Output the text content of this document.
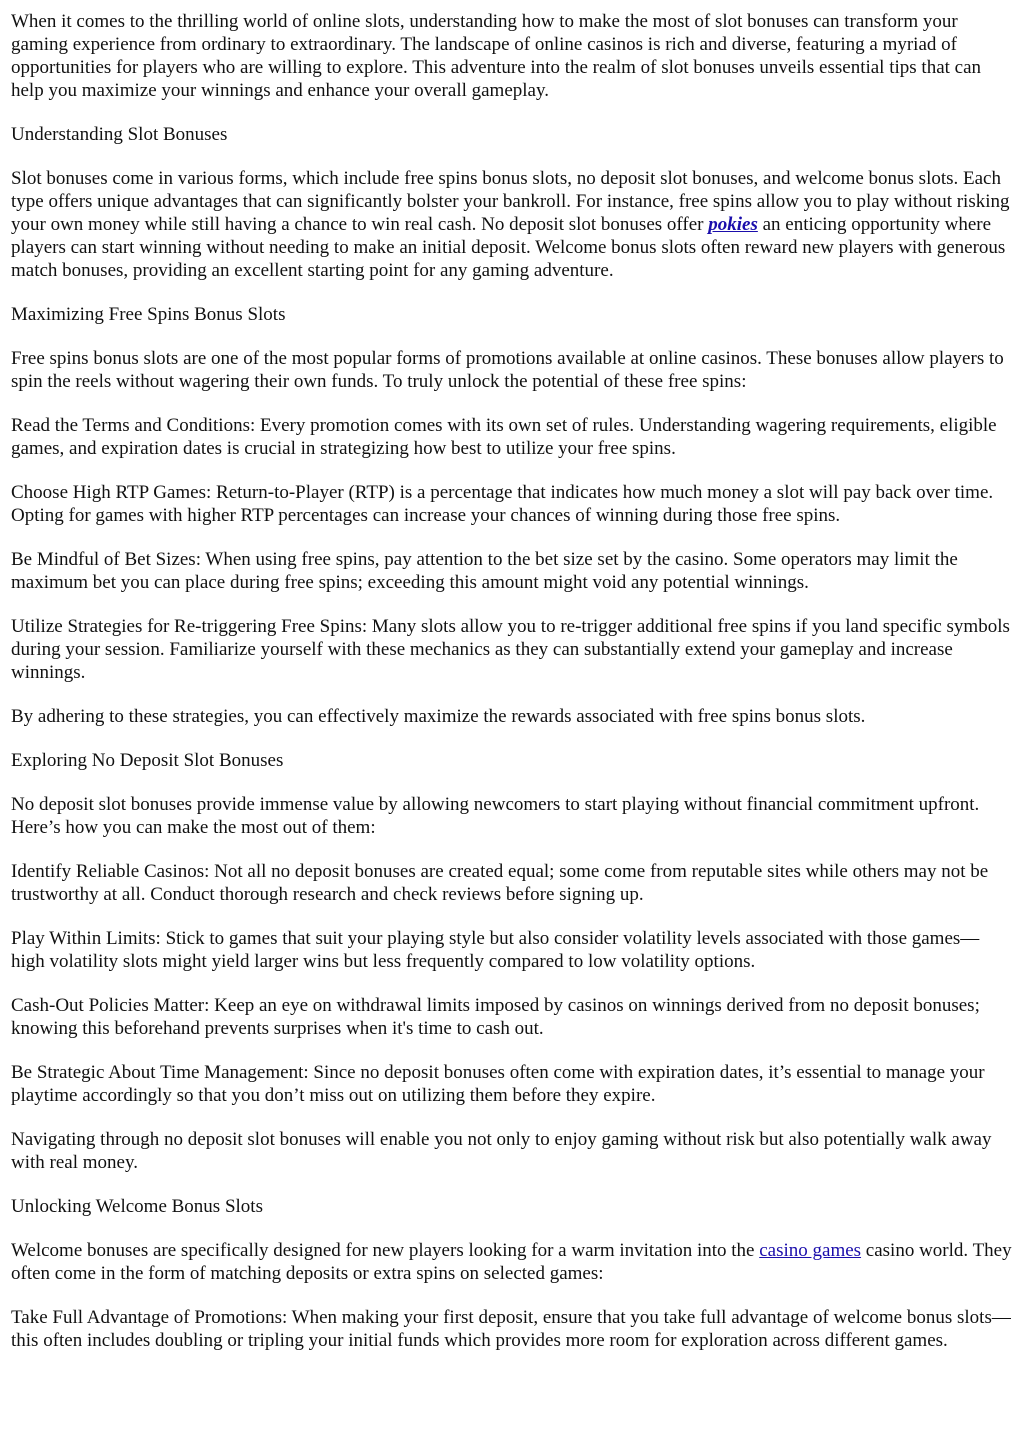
When it comes to the thrilling world of online slots, understanding how to make the most of slot bonuses can transform your gaming experience from ordinary to extraordinary. The landscape of online casinos is rich and diverse, featuring a myriad of opportunities for players who are willing to explore. This adventure into the realm of slot bonuses unveils essential tips that can help you maximize your winnings and enhance your overall gameplay.

Understanding Slot Bonuses

Slot bonuses come in various forms, which include free spins bonus slots, no deposit slot bonuses, and welcome bonus slots. Each type offers unique advantages that can significantly bolster your bankroll. For instance, free spins allow you to play without risking your own money while still having a chance to win real cash. No deposit slot bonuses offer pokies an enticing opportunity where players can start winning without needing to make an initial deposit. Welcome bonus slots often reward new players with generous match bonuses, providing an excellent starting point for any gaming adventure.

Maximizing Free Spins Bonus Slots

Free spins bonus slots are one of the most popular forms of promotions available at online casinos. These bonuses allow players to spin the reels without wagering their own funds. To truly unlock the potential of these free spins:

Read the Terms and Conditions: Every promotion comes with its own set of rules. Understanding wagering requirements, eligible games, and expiration dates is crucial in strategizing how best to utilize your free spins.

Choose High RTP Games: Return-to-Player (RTP) is a percentage that indicates how much money a slot will pay back over time. Opting for games with higher RTP percentages can increase your chances of winning during those free spins.

Be Mindful of Bet Sizes: When using free spins, pay attention to the bet size set by the casino. Some operators may limit the maximum bet you can place during free spins; exceeding this amount might void any potential winnings.

Utilize Strategies for Re-triggering Free Spins: Many slots allow you to re-trigger additional free spins if you land specific symbols during your session. Familiarize yourself with these mechanics as they can substantially extend your gameplay and increase winnings.

By adhering to these strategies, you can effectively maximize the rewards associated with free spins bonus slots.

Exploring No Deposit Slot Bonuses

No deposit slot bonuses provide immense value by allowing newcomers to start playing without financial commitment upfront. Here’s how you can make the most out of them:

Identify Reliable Casinos: Not all no deposit bonuses are created equal; some come from reputable sites while others may not be trustworthy at all. Conduct thorough research and check reviews before signing up.

Play Within Limits: Stick to games that suit your playing style but also consider volatility levels associated with those games—high volatility slots might yield larger wins but less frequently compared to low volatility options.

Cash-Out Policies Matter: Keep an eye on withdrawal limits imposed by casinos on winnings derived from no deposit bonuses; knowing this beforehand prevents surprises when it's time to cash out.

Be Strategic About Time Management: Since no deposit bonuses often come with expiration dates, it’s essential to manage your playtime accordingly so that you don’t miss out on utilizing them before they expire.

Navigating through no deposit slot bonuses will enable you not only to enjoy gaming without risk but also potentially walk away with real money.

Unlocking Welcome Bonus Slots

Welcome bonuses are specifically designed for new players looking for a warm invitation into the casino games casino world. They often come in the form of matching deposits or extra spins on selected games:

Take Full Advantage of Promotions: When making your first deposit, ensure that you take full advantage of welcome bonus slots—this often includes doubling or tripling your initial funds which provides more room for exploration across different games.
